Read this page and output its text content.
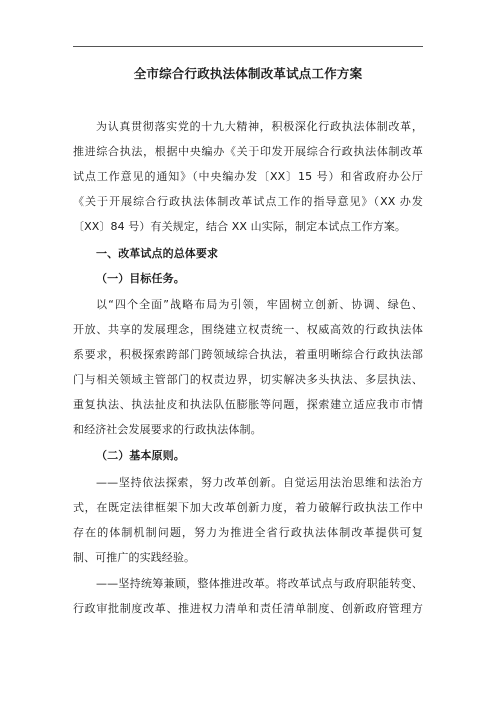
全市综合行政执法体制改革试点工作方案
为认真贯彻落实党的十九大精神，积极深化行政执法体制改革，
推进综合执法，根据中央编办《关于印发开展综合行政执法体制改革
试点工作意见的通知》（中央编办发〔XX〕15 号）和省政府办公厅
《关于开展综合行政执法体制改革试点工作的指导意见》（XX 办发
〔XX〕84 号）有关规定，结合 XX 山实际，制定本试点工作方案。
一、改革试点的总体要求
（一）目标任务。
以“四个全面”战略布局为引领，牢固树立创新、协调、绿色、
开放、共享的发展理念，围绕建立权责统一、权威高效的行政执法体
系要求，积极探索跨部门跨领域综合执法，着重明晰综合行政执法部
门与相关领域主管部门的权责边界，切实解决多头执法、多层执法、
重复执法、执法扯皮和执法队伍膨胀等问题，探索建立适应我市市情
和经济社会发展要求的行政执法体制。
（二）基本原则。
——坚持依法探索，努力改革创新。自觉运用法治思维和法治方
式，在既定法律框架下加大改革创新力度，着力破解行政执法工作中
存在的体制机制问题，努力为推进全省行政执法体制改革提供可复
制、可推广的实践经验。
——坚持统筹兼顾，整体推进改革。将改革试点与政府职能转变、
行政审批制度改革、推进权力清单和责任清单制度、创新政府管理方
